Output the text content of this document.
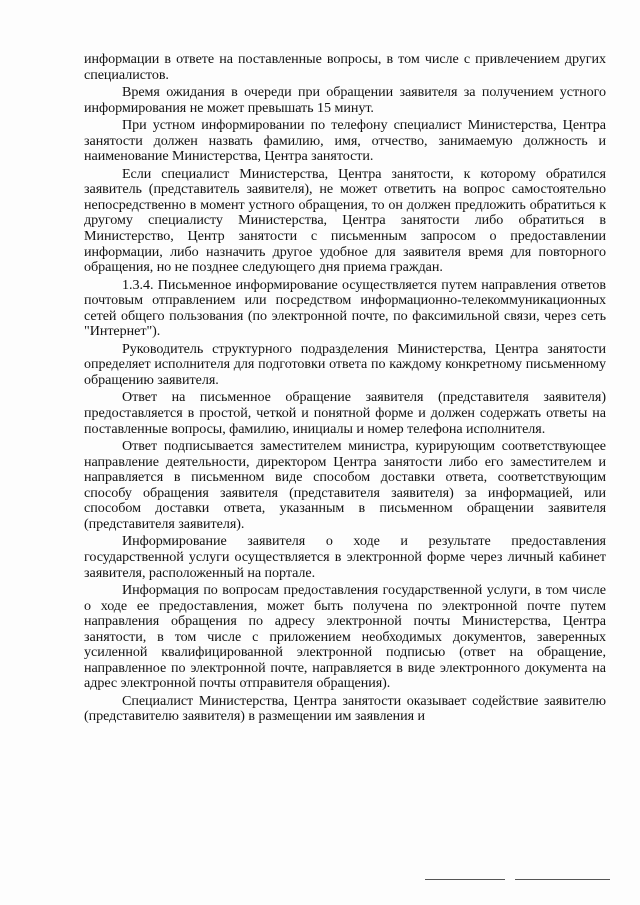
информации в ответе на поставленные вопросы, в том числе с привлечением других специалистов.

Время ожидания в очереди при обращении заявителя за получением устного информирования не может превышать 15 минут.

При устном информировании по телефону специалист Министерства, Центра занятости должен назвать фамилию, имя, отчество, занимаемую должность и наименование Министерства, Центра занятости.

Если специалист Министерства, Центра занятости, к которому обратился заявитель (представитель заявителя), не может ответить на вопрос самостоятельно непосредственно в момент устного обращения, то он должен предложить обратиться к другому специалисту Министерства, Центра занятости либо обратиться в Министерство, Центр занятости с письменным запросом о предоставлении информации, либо назначить другое удобное для заявителя время для повторного обращения, но не позднее следующего дня приема граждан.

1.3.4. Письменное информирование осуществляется путем направления ответов почтовым отправлением или посредством информационно-телекоммуникационных сетей общего пользования (по электронной почте, по факсимильной связи, через сеть "Интернет").

Руководитель структурного подразделения Министерства, Центра занятости определяет исполнителя для подготовки ответа по каждому конкретному письменному обращению заявителя.

Ответ на письменное обращение заявителя (представителя заявителя) предоставляется в простой, четкой и понятной форме и должен содержать ответы на поставленные вопросы, фамилию, инициалы и номер телефона исполнителя.

Ответ подписывается заместителем министра, курирующим соответствующее направление деятельности, директором Центра занятости либо его заместителем и направляется в письменном виде способом доставки ответа, соответствующим способу обращения заявителя (представителя заявителя) за информацией, или способом доставки ответа, указанным в письменном обращении заявителя (представителя заявителя).

Информирование заявителя о ходе и результате предоставления государственной услуги осуществляется в электронной форме через личный кабинет заявителя, расположенный на портале.

Информация по вопросам предоставления государственной услуги, в том числе о ходе ее предоставления, может быть получена по электронной почте путем направления обращения по адресу электронной почты Министерства, Центра занятости, в том числе с приложением необходимых документов, заверенных усиленной квалифицированной электронной подписью (ответ на обращение, направленное по электронной почте, направляется в виде электронного документа на адрес электронной почты отправителя обращения).

Специалист Министерства, Центра занятости оказывает содействие заявителю (представителю заявителя) в размещении им заявления и
